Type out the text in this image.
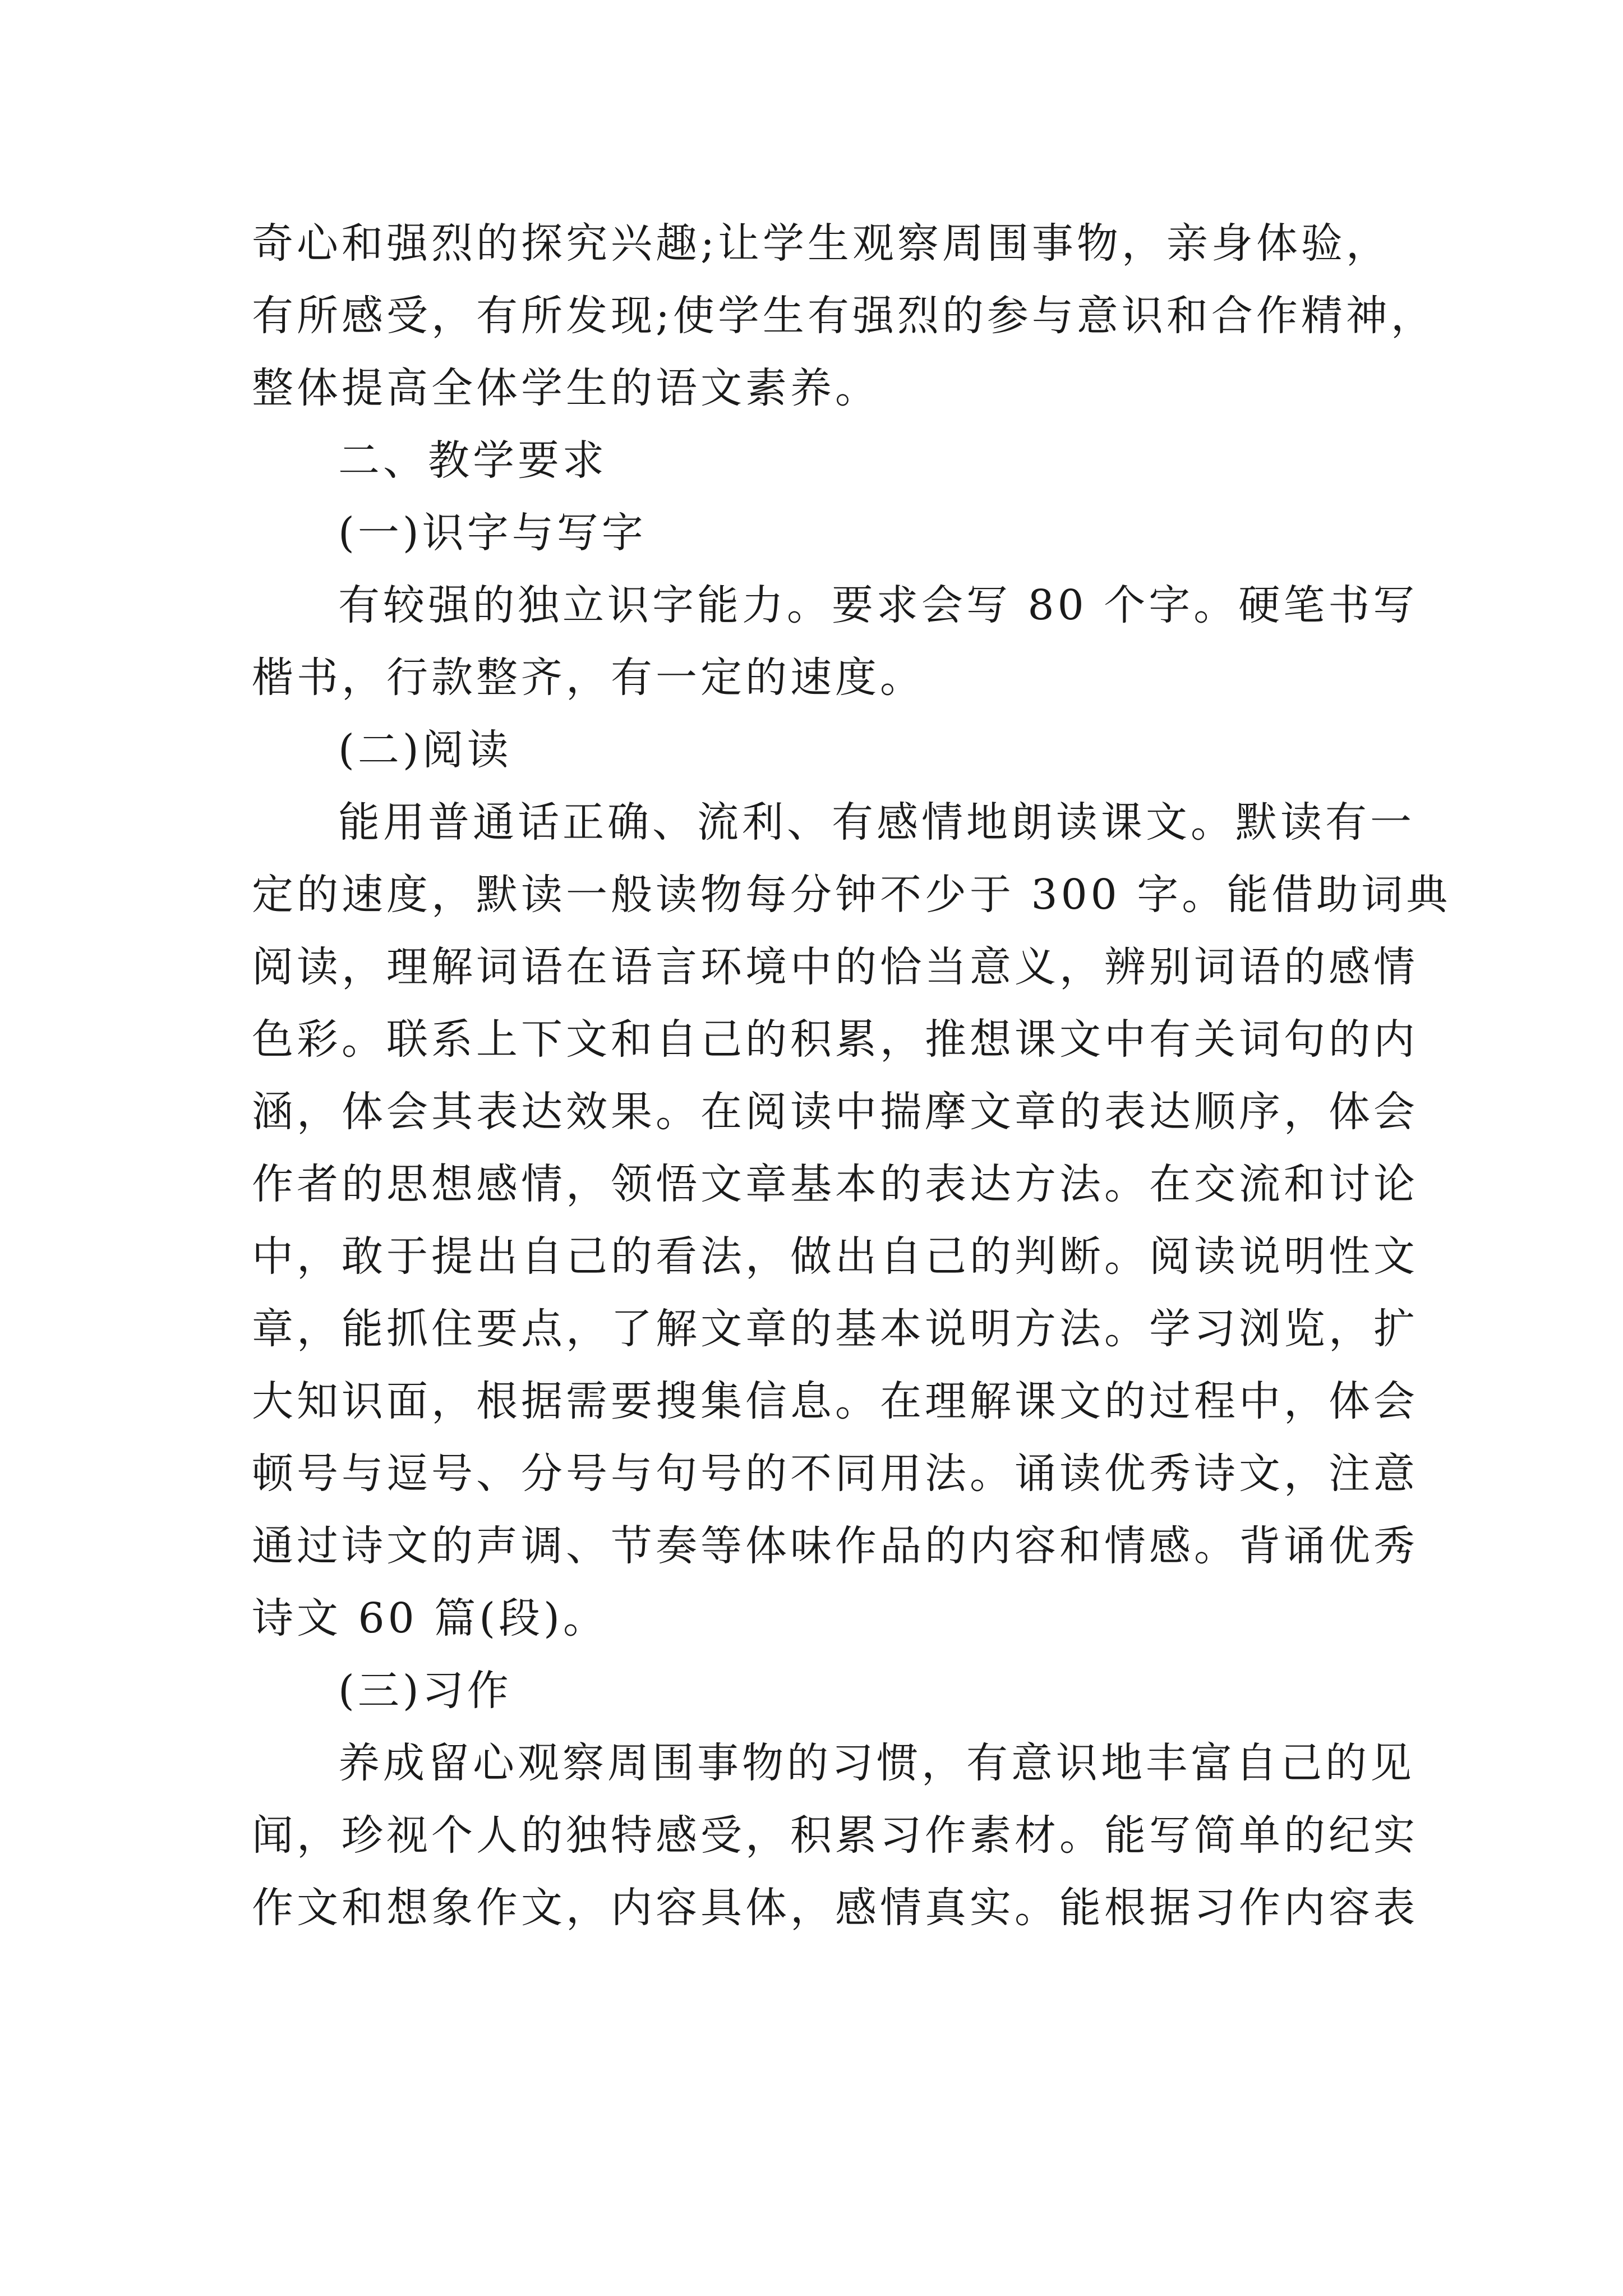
奇心和强烈的探究兴趣;让学生观察周围事物，亲身体验，
有所感受，有所发现;使学生有强烈的参与意识和合作精神，
整体提高全体学生的语文素养。
二、教学要求
(一)识字与写字
有较强的独立识字能力。要求会写 80 个字。硬笔书写
楷书，行款整齐，有一定的速度。
(二)阅读
能用普通话正确、流利、有感情地朗读课文。默读有一
定的速度，默读一般读物每分钟不少于 300 字。能借助词典
阅读，理解词语在语言环境中的恰当意义，辨别词语的感情
色彩。联系上下文和自己的积累，推想课文中有关词句的内
涵，体会其表达效果。在阅读中揣摩文章的表达顺序，体会
作者的思想感情，领悟文章基本的表达方法。在交流和讨论
中，敢于提出自己的看法，做出自己的判断。阅读说明性文
章，能抓住要点，了解文章的基本说明方法。学习浏览，扩
大知识面，根据需要搜集信息。在理解课文的过程中，体会
顿号与逗号、分号与句号的不同用法。诵读优秀诗文，注意
通过诗文的声调、节奏等体味作品的内容和情感。背诵优秀
诗文 60 篇(段)。
(三)习作
养成留心观察周围事物的习惯，有意识地丰富自己的见
闻，珍视个人的独特感受，积累习作素材。能写简单的纪实
作文和想象作文，内容具体，感情真实。能根据习作内容表
